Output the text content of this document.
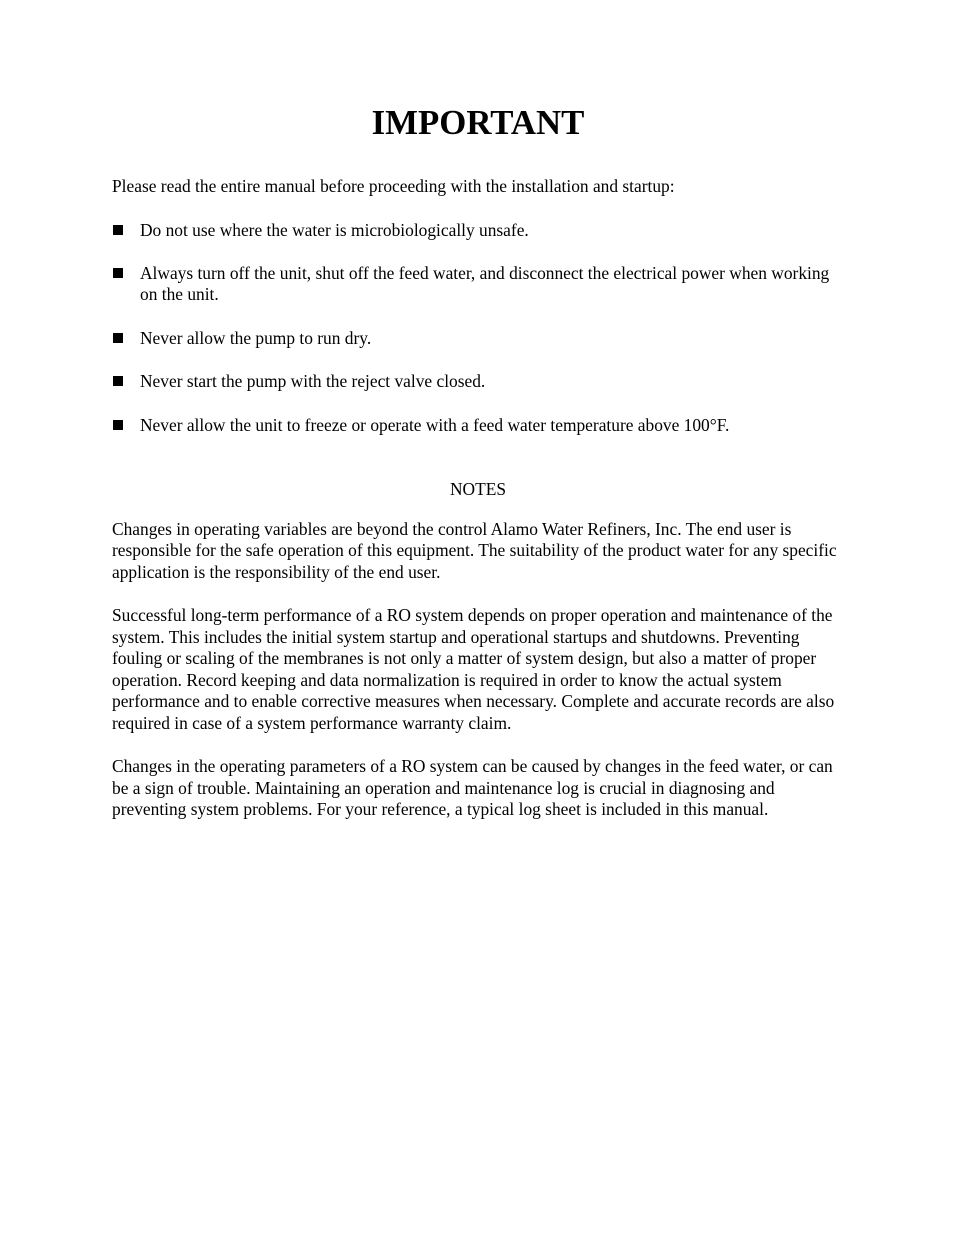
IMPORTANT

Please read the entire manual before proceeding with the installation and startup:

Do not use where the water is microbiologically unsafe.
Always turn off the unit, shut off the feed water, and disconnect the electrical power when working on the unit.
Never allow the pump to run dry.
Never start the pump with the reject valve closed.
Never allow the unit to freeze or operate with a feed water temperature above 100°F.
NOTES

Changes in operating variables are beyond the control Alamo Water Refiners, Inc. The end user is responsible for the safe operation of this equipment. The suitability of the product water for any specific application is the responsibility of the end user.

Successful long-term performance of a RO system depends on proper operation and maintenance of the system. This includes the initial system startup and operational startups and shutdowns. Preventing fouling or scaling of the membranes is not only a matter of system design, but also a matter of proper operation. Record keeping and data normalization is required in order to know the actual system performance and to enable corrective measures when necessary. Complete and accurate records are also required in case of a system performance warranty claim.

Changes in the operating parameters of a RO system can be caused by changes in the feed water, or can be a sign of trouble. Maintaining an operation and maintenance log is crucial in diagnosing and preventing system problems. For your reference, a typical log sheet is included in this manual.
